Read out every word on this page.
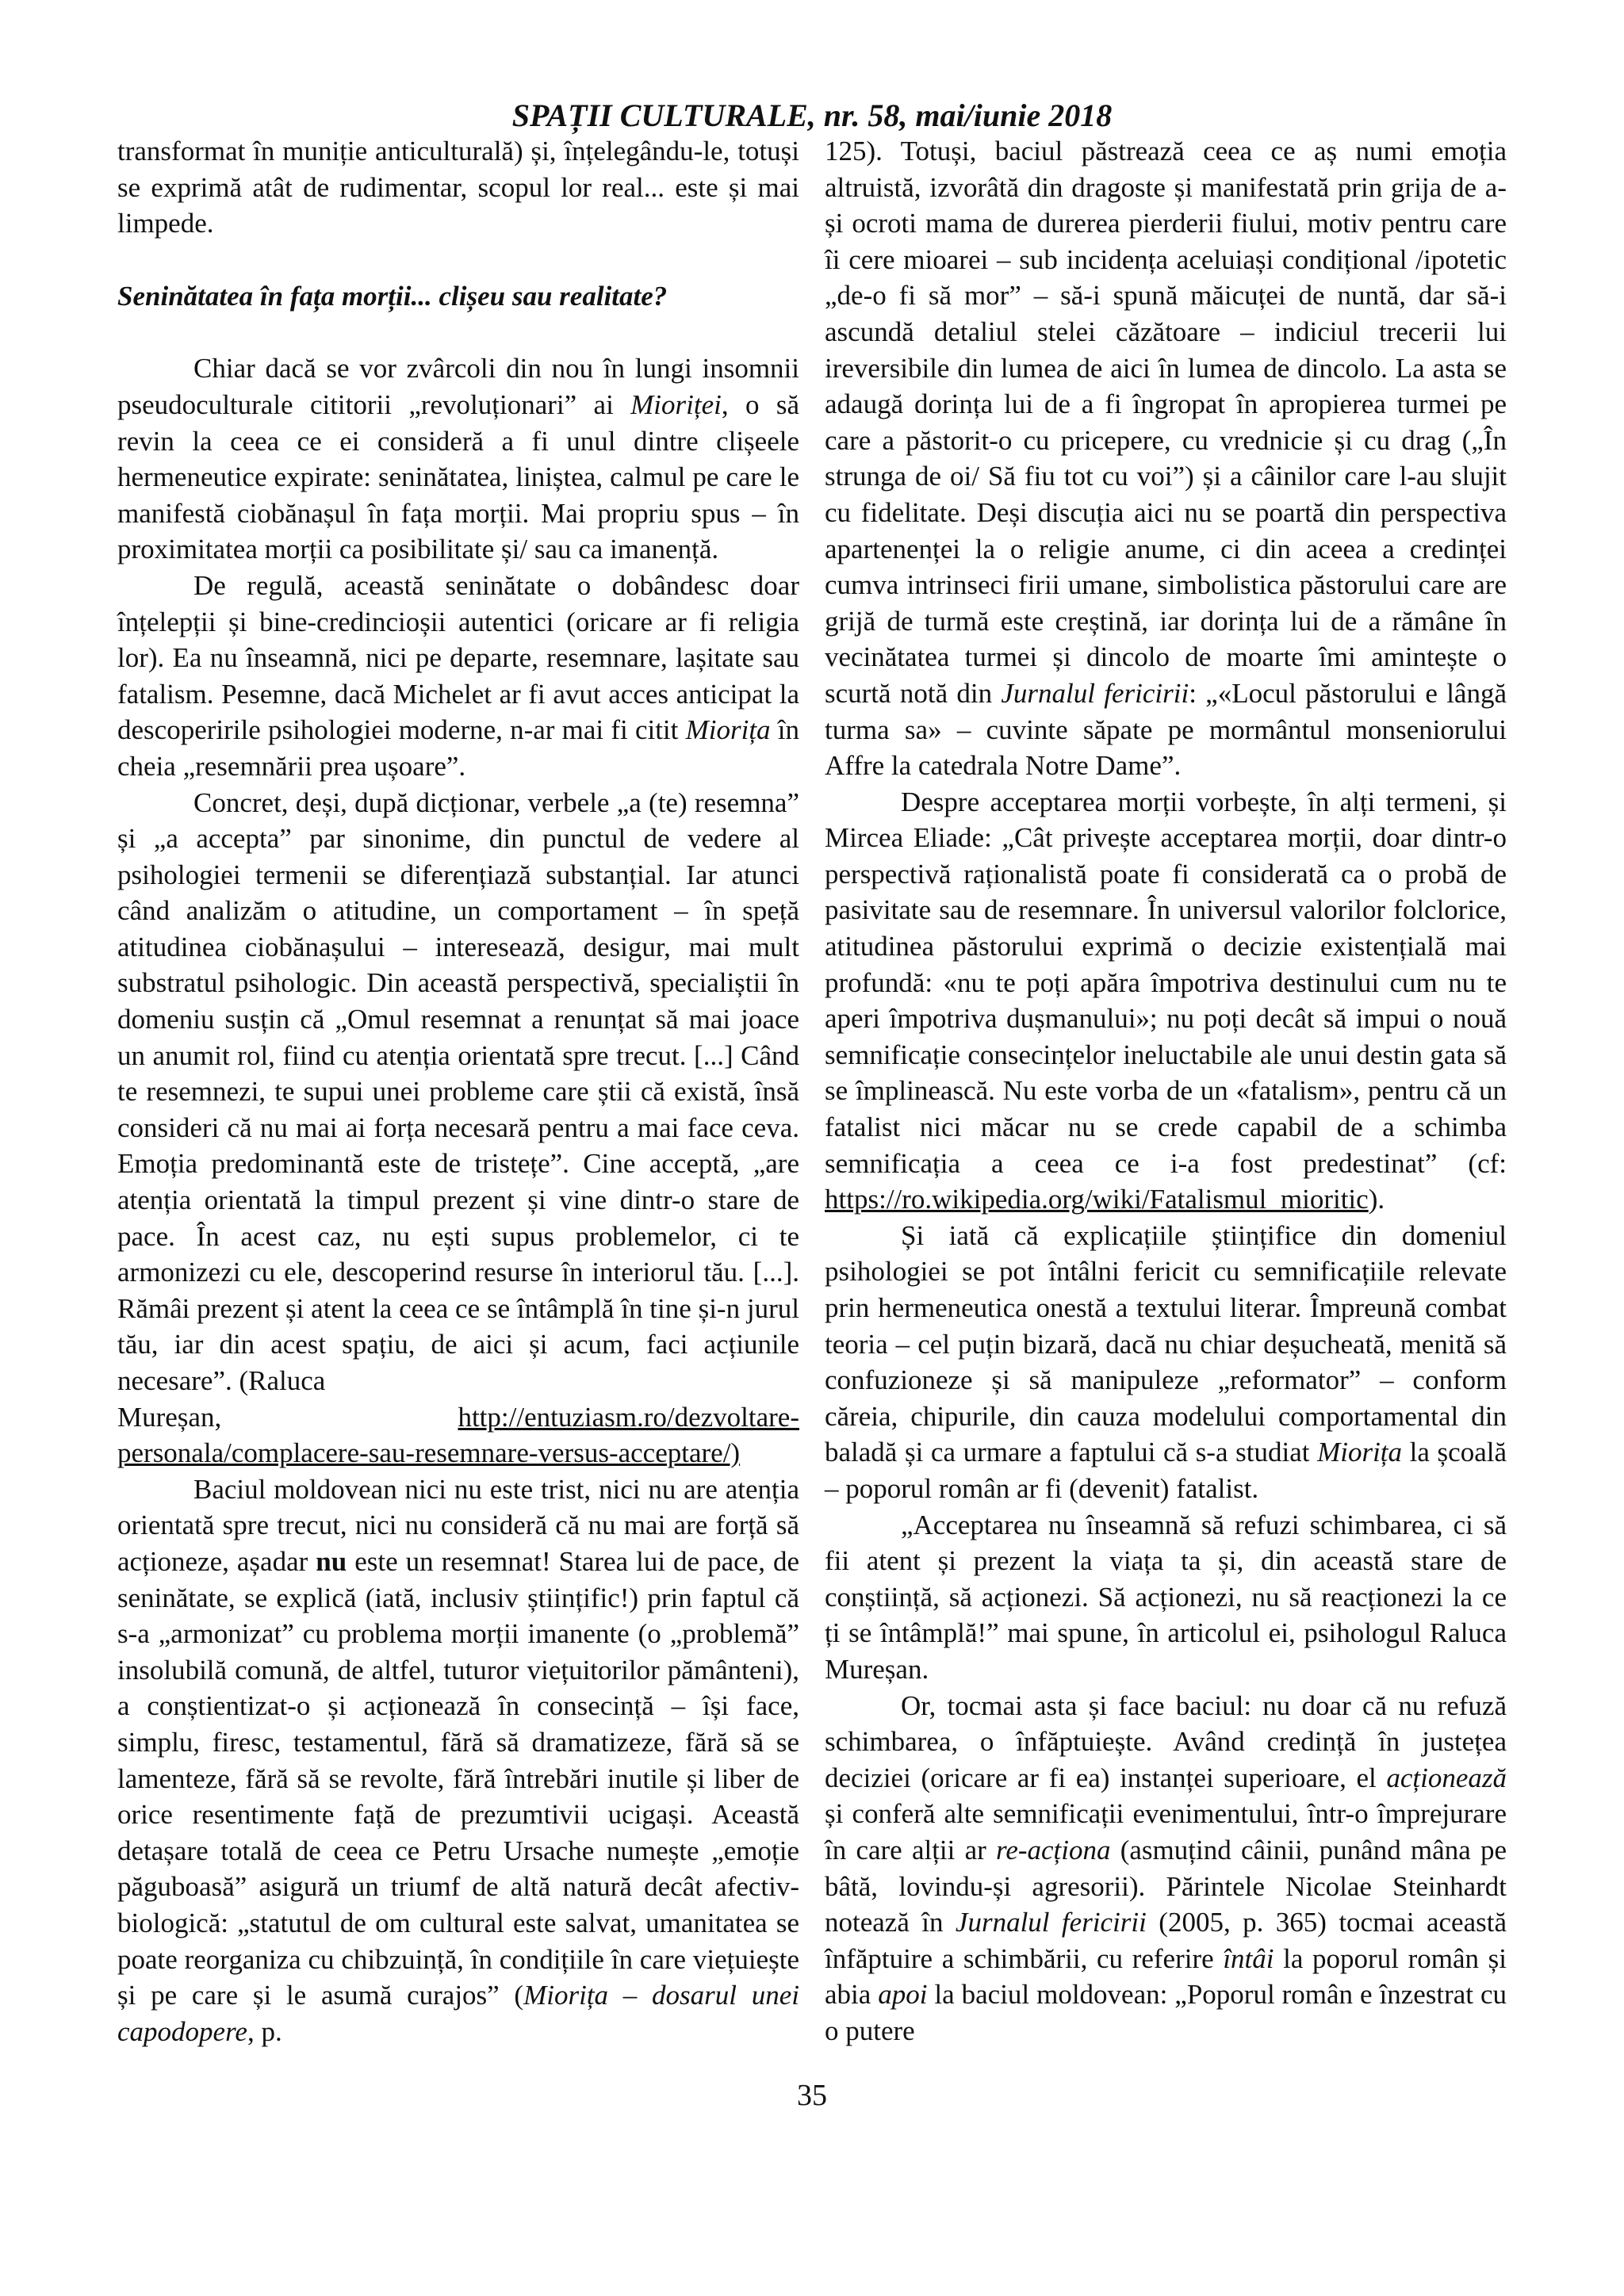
SPAȚII CULTURALE, nr. 58, mai/iunie 2018

transformat în muniție anticulturală) și, înțelegându-le, totuși se exprimă atât de rudimentar, scopul lor real... este și mai limpede.

Seninătatea în fața morții... clișeu sau realitate?

Chiar dacă se vor zvârcoli din nou în lungi insomnii pseudoculturale cititorii „revoluționari” ai Mioriței, o să revin la ceea ce ei consideră a fi unul dintre clișeele hermeneutice expirate: seninătatea, liniștea, calmul pe care le manifestă ciobănașul în fața morții. Mai propriu spus – în proximitatea morții ca posibilitate și/ sau ca imanență.

De regulă, această seninătate o dobândesc doar înțelepții și bine-credincioșii autentici (oricare ar fi religia lor). Ea nu înseamnă, nici pe departe, resemnare, lașitate sau fatalism. Pesemne, dacă Michelet ar fi avut acces anticipat la descoperirile psihologiei moderne, n-ar mai fi citit Miorița în cheia „resemnării prea ușoare”.

Concret, deși, după dicționar, verbele „a (te) resemna” și „a accepta” par sinonime, din punctul de vedere al psihologiei termenii se diferențiază substanțial. Iar atunci când analizăm o atitudine, un comportament – în speță atitudinea ciobănașului – interesează, desigur, mai mult substratul psihologic. Din această perspectivă, specialiștii în domeniu susțin că „Omul resemnat a renunțat să mai joace un anumit rol, fiind cu atenția orientată spre trecut. [...] Când te resemnezi, te supui unei probleme care știi că există, însă consideri că nu mai ai forța necesară pentru a mai face ceva. Emoția predominantă este de tristețe”. Cine acceptă, „are atenția orientată la timpul prezent și vine dintr-o stare de pace. În acest caz, nu ești supus problemelor, ci te armonizezi cu ele, descoperind resurse în interiorul tău. [...]. Rămâi prezent și atent la ceea ce se întâmplă în tine și-n jurul tău, iar din acest spațiu, de aici și acum, faci acțiunile necesare”. (Raluca

Mureșan,	http://entuziasm.ro/dezvoltare-

personala/complacere-sau-resemnare-versus-acceptare/)

Baciul moldovean nici nu este trist, nici nu are atenția orientată spre trecut, nici nu consideră că nu mai are forță să acționeze, așadar nu este un resemnat! Starea lui de pace, de seninătate, se explică (iată, inclusiv științific!) prin faptul că s-a „armonizat” cu problema morții imanente (o „problemă” insolubilă comună, de altfel, tuturor viețuitorilor pământeni), a conștientizat-o și acționează în consecință – își face, simplu, firesc, testamentul, fără să dramatizeze, fără să se lamenteze, fără să se revolte, fără întrebări inutile și liber de orice resentimente față de prezumtivii ucigași. Această detașare totală de ceea ce Petru Ursache numește „emoție păguboasă” asigură un triumf de altă natură decât afectiv-biologică: „statutul de om cultural este salvat, umanitatea se poate reorganiza cu chibzuință, în condițiile în care viețuiește și pe care și le asumă curajos” (Miorița – dosarul unei capodopere, p.

125). Totuși, baciul păstrează ceea ce aș numi emoția altruistă, izvorâtă din dragoste și manifestată prin grija de a-și ocroti mama de durerea pierderii fiului, motiv pentru care îi cere mioarei – sub incidența aceluiași condițional /ipotetic „de-o fi să mor” – să-i spună măicuței de nuntă, dar să-i ascundă detaliul stelei căzătoare – indiciul trecerii lui ireversibile din lumea de aici în lumea de dincolo. La asta se adaugă dorința lui de a fi îngropat în apropierea turmei pe care a păstorit-o cu pricepere, cu vrednicie și cu drag („În strunga de oi/ Să fiu tot cu voi”) și a câinilor care l-au slujit cu fidelitate. Deși discuția aici nu se poartă din perspectiva apartenenței la o religie anume, ci din aceea a credinței cumva intrinseci firii umane, simbolistica păstorului care are grijă de turmă este creștină, iar dorința lui de a rămâne în vecinătatea turmei și dincolo de moarte îmi amintește o scurtă notă din Jurnalul fericirii: „«Locul păstorului e lângă turma sa» – cuvinte săpate pe mormântul monseniorului Affre la catedrala Notre Dame”.

Despre acceptarea morții vorbește, în alți termeni, și Mircea Eliade: „Cât privește acceptarea morții, doar dintr-o perspectivă raționalistă poate fi considerată ca o probă de pasivitate sau de resemnare. În universul valorilor folclorice, atitudinea păstorului exprimă o decizie existențială mai profundă: «nu te poți apăra împotriva destinului cum nu te aperi împotriva dușmanului»; nu poți decât să impui o nouă semnificație consecințelor ineluctabile ale unui destin gata să se împlinească. Nu este vorba de un «fatalism», pentru că un fatalist nici măcar nu se crede capabil de a schimba semnificația a ceea ce i-a fost predestinat” (cf: https://ro.wikipedia.org/wiki/Fatalismul_mioritic).

Și iată că explicațiile științifice din domeniul psihologiei se pot întâlni fericit cu semnificațiile relevate prin hermeneutica onestă a textului literar. Împreună combat teoria – cel puțin bizară, dacă nu chiar deșucheată, menită să confuzioneze și să manipuleze „reformator” – conform căreia, chipurile, din cauza modelului comportamental din baladă și ca urmare a faptului că s-a studiat Miorița la școală – poporul român ar fi (devenit) fatalist.

„Acceptarea nu înseamnă să refuzi schimbarea, ci să fii atent și prezent la viața ta și, din această stare de conștiință, să acționezi. Să acționezi, nu să reacționezi la ce ți se întâmplă!” mai spune, în articolul ei, psihologul Raluca Mureșan.

Or, tocmai asta și face baciul: nu doar că nu refuză schimbarea, o înfăptuiește. Având credință în justețea deciziei (oricare ar fi ea) instanței superioare, el acționează și conferă alte semnificații evenimentului, într-o împrejurare în care alții ar re-acționa (asmuțind câinii, punând mâna pe bâtă, lovindu-și agresorii). Părintele Nicolae Steinhardt notează în Jurnalul fericirii (2005, p. 365) tocmai această înfăptuire a schimbării, cu referire întâi la poporul român și abia apoi la baciul moldovean: „Poporul român e înzestrat cu o putere

35
